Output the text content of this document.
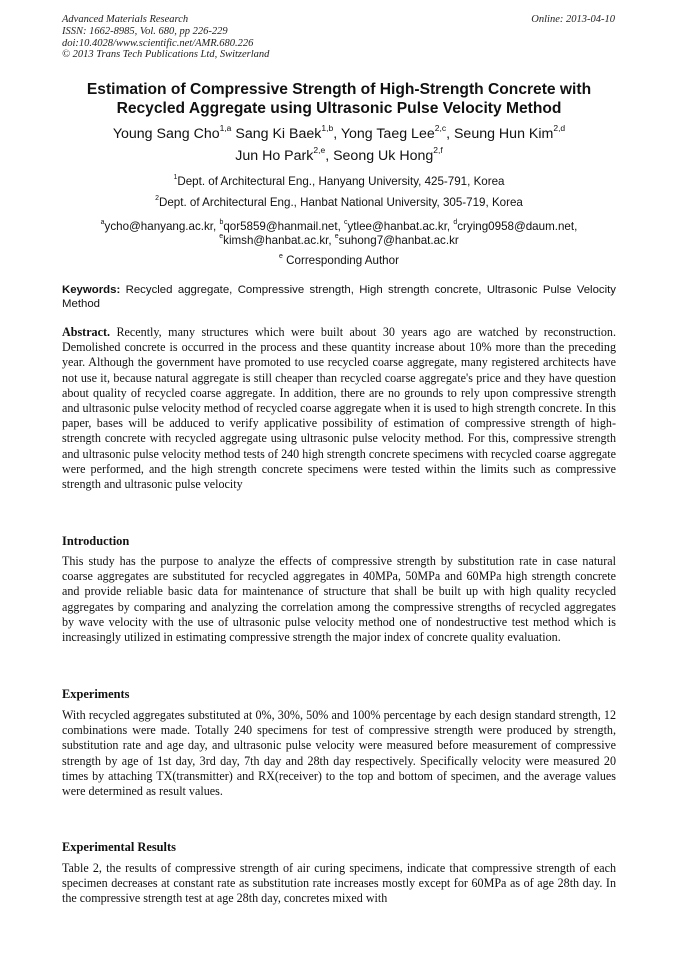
Advanced Materials Research
ISSN: 1662-8985, Vol. 680, pp 226-229
doi:10.4028/www.scientific.net/AMR.680.226
© 2013 Trans Tech Publications Ltd, Switzerland
Online: 2013-04-10
Estimation of Compressive Strength of High-Strength Concrete with Recycled Aggregate using Ultrasonic Pulse Velocity Method
Young Sang Cho$^{1,a}$ Sang Ki Baek$^{1,b}$, Yong Taeg Lee$^{2,c}$, Seung Hun Kim$^{2,d}$
Jun Ho Park$^{2,e}$, Seong Uk Hong$^{2,f}$
$^1$Dept. of Architectural Eng., Hanyang University, 425-791, Korea
$^2$Dept. of Architectural Eng., Hanbat National University, 305-719, Korea
$^a$ycho@hanyang.ac.kr, $^b$qor5859@hanmail.net, $^c$ytlee@hanbat.ac.kr, $^d$crying0958@daum.net,
$^e$kimsh@hanbat.ac.kr, $^e$suhong7@hanbat.ac.kr
$^e$ Corresponding Author
Keywords: Recycled aggregate, Compressive strength, High strength concrete, Ultrasonic Pulse Velocity Method
Abstract. Recently, many structures which were built about 30 years ago are watched by reconstruction. Demolished concrete is occurred in the process and these quantity increase about 10% more than the preceding year. Although the government have promoted to use recycled coarse aggregate, many registered architects have not use it, because natural aggregate is still cheaper than recycled coarse aggregate's price and they have question about quality of recycled coarse aggregate. In addition, there are no grounds to rely upon compressive strength and ultrasonic pulse velocity method of recycled coarse aggregate when it is used to high strength concrete. In this paper, bases will be adduced to verify applicative possibility of estimation of compressive strength of high-strength concrete with recycled aggregate using ultrasonic pulse velocity method. For this, compressive strength and ultrasonic pulse velocity method tests of 240 high strength concrete specimens with recycled coarse aggregate were performed, and the high strength concrete specimens were tested within the limits such as compressive strength and ultrasonic pulse velocity
Introduction
This study has the purpose to analyze the effects of compressive strength by substitution rate in case natural coarse aggregates are substituted for recycled aggregates in 40MPa, 50MPa and 60MPa high strength concrete and provide reliable basic data for maintenance of structure that shall be built up with high quality recycled aggregates by comparing and analyzing the correlation among the compressive strengths of recycled aggregates by wave velocity with the use of ultrasonic pulse velocity method one of nondestructive test method which is increasingly utilized in estimating compressive strength the major index of concrete quality evaluation.
Experiments
With recycled aggregates substituted at 0%, 30%, 50% and 100% percentage by each design standard strength, 12 combinations were made. Totally 240 specimens for test of compressive strength were produced by strength, substitution rate and age day, and ultrasonic pulse velocity were measured before measurement of compressive strength by age of 1st day, 3rd day, 7th day and 28th day respectively. Specifically velocity were measured 20 times by attaching TX(transmitter) and RX(receiver) to the top and bottom of specimen, and the average values were determined as result values.
Experimental Results
Table 2, the results of compressive strength of air curing specimens, indicate that compressive strength of each specimen decreases at constant rate as substitution rate increases mostly except for 60MPa as of age 28th day. In the compressive strength test at age 28th day, concretes mixed with
